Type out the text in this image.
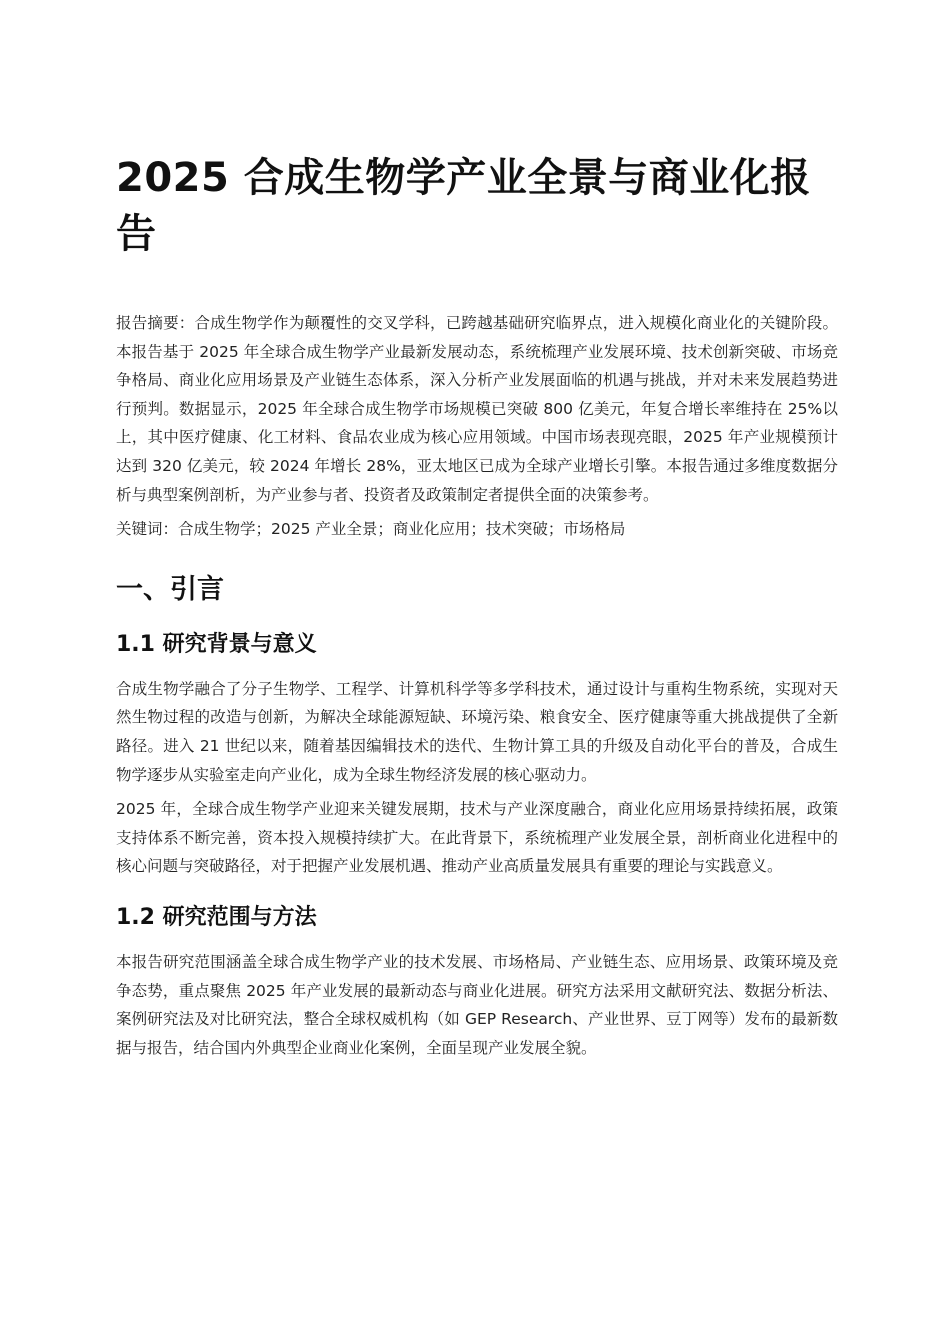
2025 合成生物学产业全景与商业化报告

报告摘要：合成生物学作为颠覆性的交叉学科，已跨越基础研究临界点，进入规模化商业化的关键阶段。本报告基于 2025 年全球合成生物学产业最新发展动态，系统梳理产业发展环境、技术创新突破、市场竞争格局、商业化应用场景及产业链生态体系，深入分析产业发展面临的机遇与挑战，并对未来发展趋势进行预判。数据显示，2025 年全球合成生物学市场规模已突破 800 亿美元，年复合增长率维持在 25%以上，其中医疗健康、化工材料、食品农业成为核心应用领域。中国市场表现亮眼，2025 年产业规模预计达到 320 亿美元，较 2024 年增长 28%，亚太地区已成为全球产业增长引擎。本报告通过多维度数据分析与典型案例剖析，为产业参与者、投资者及政策制定者提供全面的决策参考。

关键词：合成生物学；2025 产业全景；商业化应用；技术突破；市场格局

一、引言
1.1 研究背景与意义

合成生物学融合了分子生物学、工程学、计算机科学等多学科技术，通过设计与重构生物系统，实现对天然生物过程的改造与创新，为解决全球能源短缺、环境污染、粮食安全、医疗健康等重大挑战提供了全新路径。进入 21 世纪以来，随着基因编辑技术的迭代、生物计算工具的升级及自动化平台的普及，合成生物学逐步从实验室走向产业化，成为全球生物经济发展的核心驱动力。

2025 年，全球合成生物学产业迎来关键发展期，技术与产业深度融合，商业化应用场景持续拓展，政策支持体系不断完善，资本投入规模持续扩大。在此背景下，系统梳理产业发展全景，剖析商业化进程中的核心问题与突破路径，对于把握产业发展机遇、推动产业高质量发展具有重要的理论与实践意义。

1.2 研究范围与方法

本报告研究范围涵盖全球合成生物学产业的技术发展、市场格局、产业链生态、应用场景、政策环境及竞争态势，重点聚焦 2025 年产业发展的最新动态与商业化进展。研究方法采用文献研究法、数据分析法、案例研究法及对比研究法，整合全球权威机构（如 GEP Research、产业世界、豆丁网等）发布的最新数据与报告，结合国内外典型企业商业化案例，全面呈现产业发展全貌。
